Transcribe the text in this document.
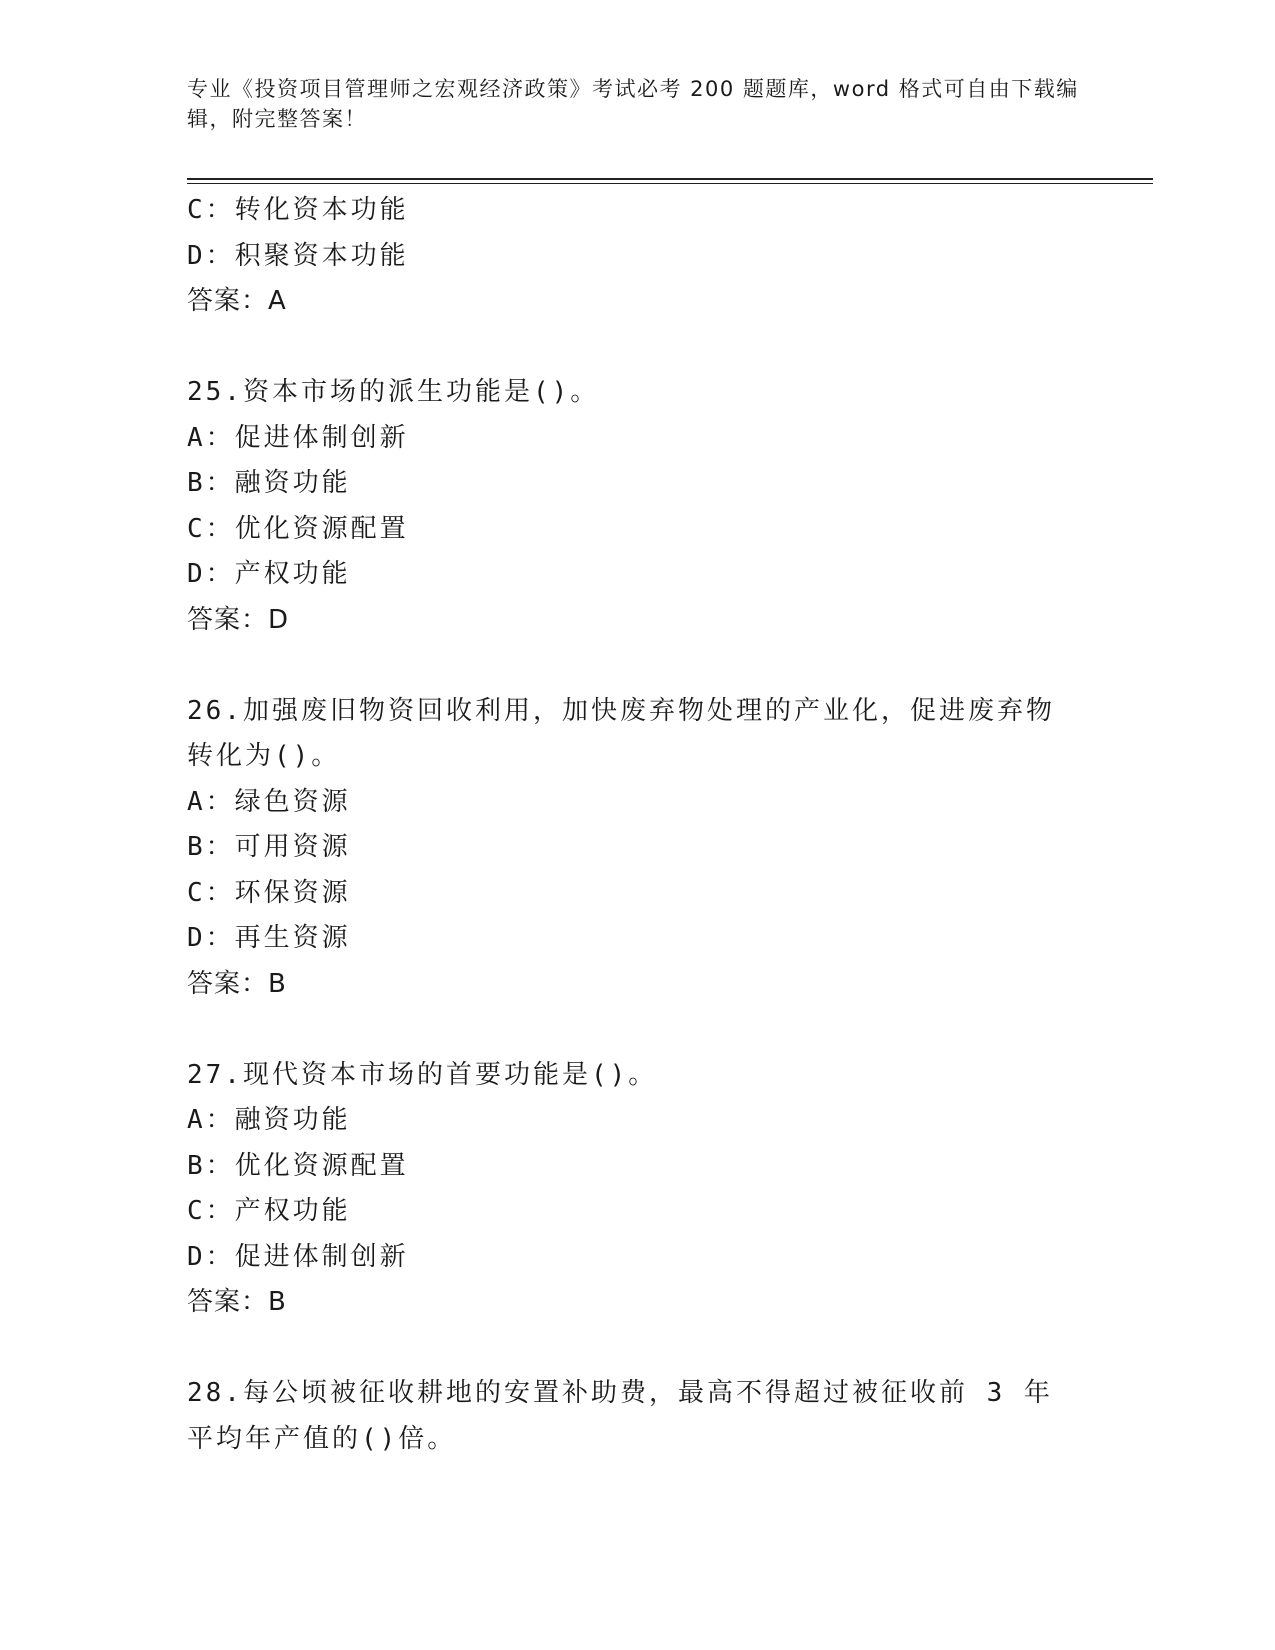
专业《投资项目管理师之宏观经济政策》考试必考 200 题题库，word 格式可自由下载编辑，附完整答案！

C：转化资本功能

D：积聚资本功能

答案：A

25.资本市场的派生功能是()。

A：促进体制创新

B：融资功能

C：优化资源配置

D：产权功能

答案：D

26.加强废旧物资回收利用，加快废弃物处理的产业化，促进废弃物转化为()。

A：绿色资源

B：可用资源

C：环保资源

D：再生资源

答案：B

27.现代资本市场的首要功能是()。

A：融资功能

B：优化资源配置

C：产权功能

D：促进体制创新

答案：B

28.每公顷被征收耕地的安置补助费，最高不得超过被征收前 3 年平均年产值的()倍。
